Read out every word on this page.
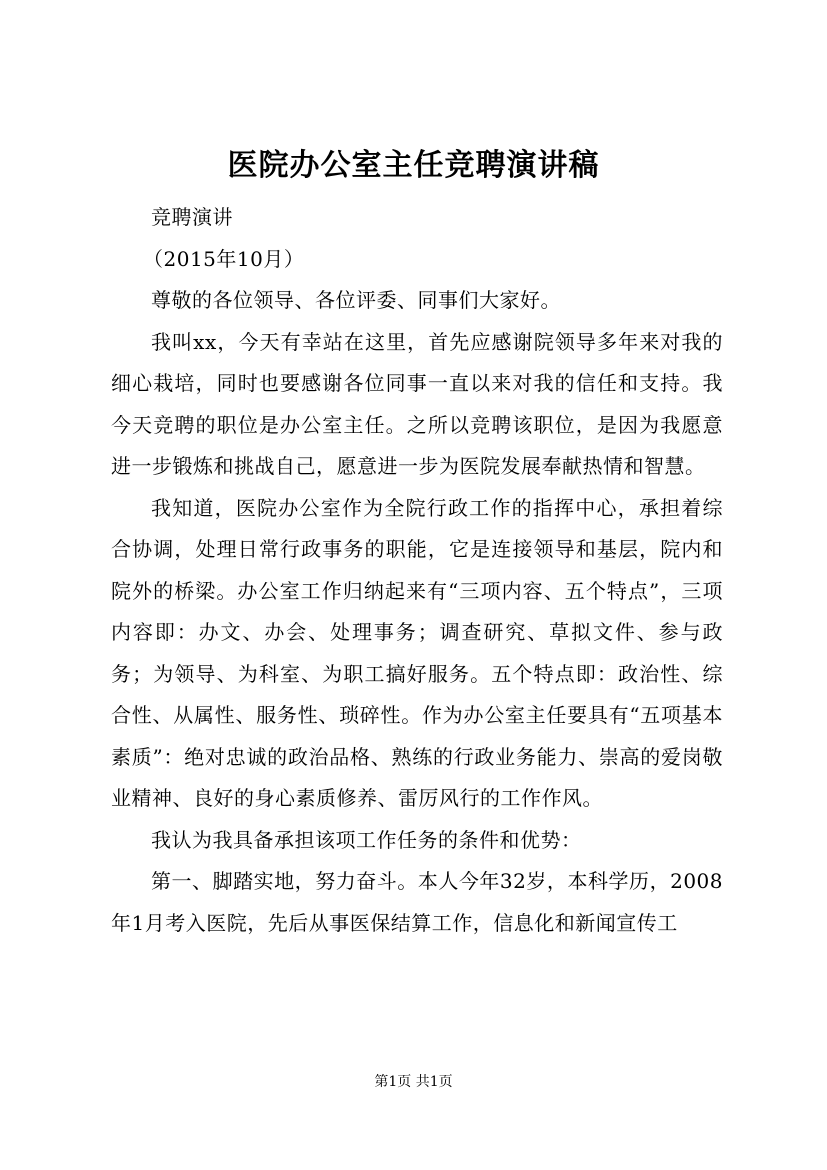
医院办公室主任竞聘演讲稿

竞聘演讲

（2015年10月）

尊敬的各位领导、各位评委、同事们大家好。

我叫xx，今天有幸站在这里，首先应感谢院领导多年来对我的细心栽培，同时也要感谢各位同事一直以来对我的信任和支持。我今天竞聘的职位是办公室主任。之所以竞聘该职位，是因为我愿意进一步锻炼和挑战自己，愿意进一步为医院发展奉献热情和智慧。

我知道，医院办公室作为全院行政工作的指挥中心，承担着综合协调，处理日常行政事务的职能，它是连接领导和基层，院内和院外的桥梁。办公室工作归纳起来有“三项内容、五个特点”，三项内容即：办文、办会、处理事务；调查研究、草拟文件、参与政务；为领导、为科室、为职工搞好服务。五个特点即：政治性、综合性、从属性、服务性、琐碎性。作为办公室主任要具有“五项基本素质”：绝对忠诚的政治品格、熟练的行政业务能力、崇高的爱岗敬业精神、良好的身心素质修养、雷厉风行的工作作风。

我认为我具备承担该项工作任务的条件和优势：

第一、脚踏实地，努力奋斗。本人今年32岁，本科学历，2008年1月考入医院，先后从事医保结算工作，信息化和新闻宣传工

第1页 共1页
